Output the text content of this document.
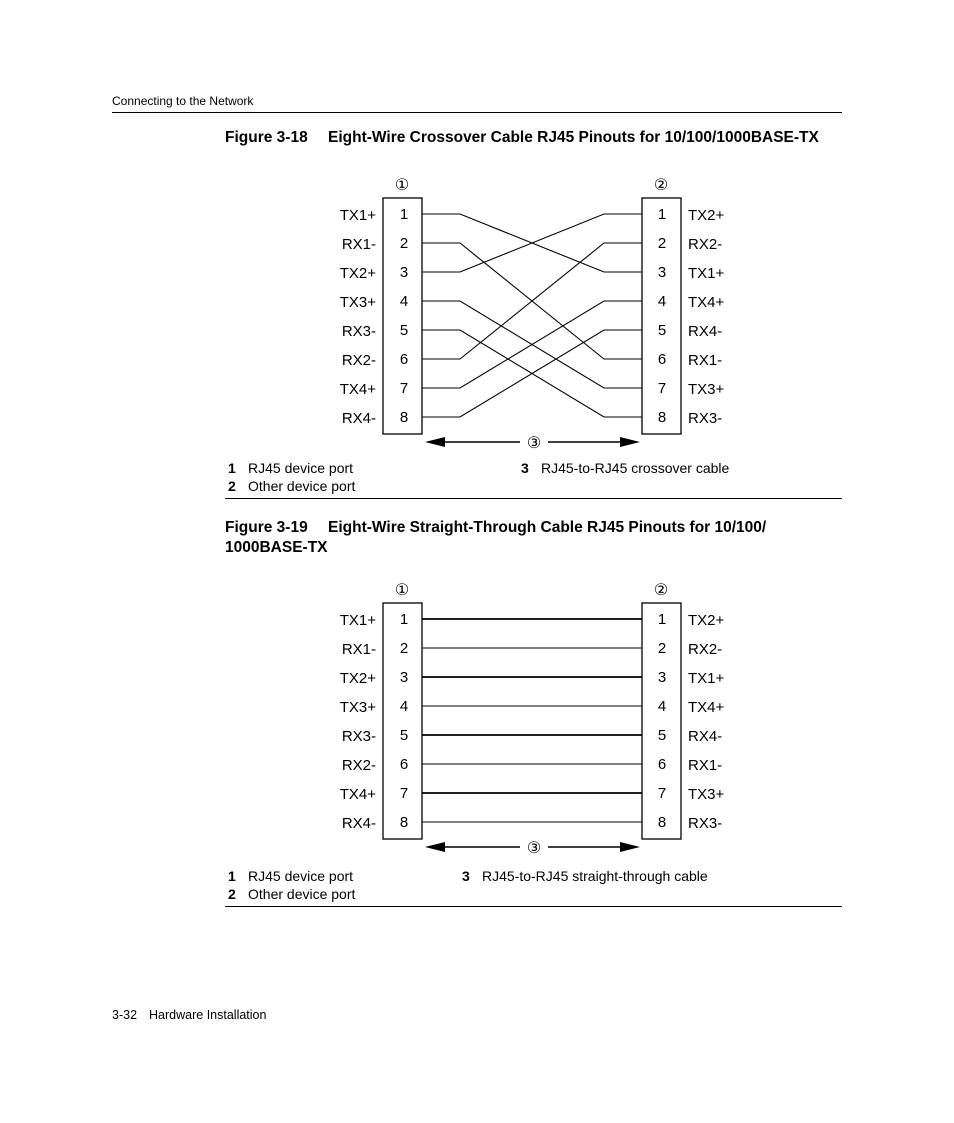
Connecting to the Network
Figure 3-18 Eight-Wire Crossover Cable RJ45 Pinouts for 10/100/1000BASE-TX
①	②
TX1+ 1	1 TX2+
RX1- 2	2 RX2-
TX2+ 3	3 TX1+
TX3+ 4	4 TX4+
RX3- 5	5 RX4-
RX2- 6	6 RX1-
TX4+ 7	7 TX3+
RX4- 8	8 RX3-
③
1 RJ45 device port
2 Other device port
3 RJ45-to-RJ45 crossover cable
Figure 3-19 Eight-Wire Straight-Through Cable RJ45 Pinouts for 10/100/
1000BASE-TX
①	②
TX1+ 1	1 TX2+
RX1- 2	2 RX2-
TX2+ 3	3 TX1+
TX3+ 4	4 TX4+
RX3- 5	5 RX4-
RX2- 6	6 RX1-
TX4+ 7	7 TX3+
RX4- 8	8 RX3-
③
1 RJ45 device port
2 Other device port
3 RJ45-to-RJ45 straight-through cable
3-32 Hardware Installation
